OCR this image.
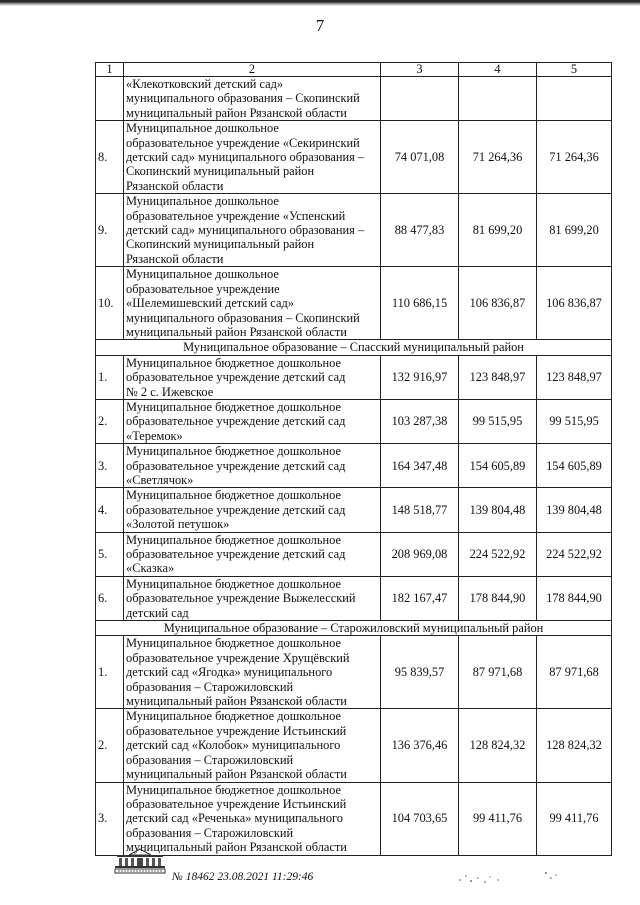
7
1	2	3	4	5

	«Клекотковский детский сад»
муниципального образования – Скопинский
муниципальный район Рязанской области			

8.	Муниципальное дошкольное
образовательное учреждение «Секиринский
детский сад» муниципального образования –
Скопинский муниципальный район
Рязанской области	74 071,08	71 264,36	71 264,36
9.	Муниципальное дошкольное
образовательное учреждение «Успенский
детский сад» муниципального образования –
Скопинский муниципальный район
Рязанской области	88 477,83	81 699,20	81 699,20
10.	Муниципальное дошкольное
образовательное учреждение
«Шелемишевский детский сад»
муниципального образования – Скопинский
муниципальный район Рязанской области	110 686,15	106 836,87	106 836,87
Муниципальное образование – Спасский муниципальный район				
1.	Муниципальное бюджетное дошкольное
образовательное учреждение детский сад
№ 2 с. Ижевское	132 916,97	123 848,97	123 848,97
2.	Муниципальное бюджетное дошкольное
образовательное учреждение детский сад
«Теремок»	103 287,38	99 515,95	99 515,95
3.	Муниципальное бюджетное дошкольное
образовательное учреждение детский сад
«Светлячок»	164 347,48	154 605,89	154 605,89
4.	Муниципальное бюджетное дошкольное
образовательное учреждение детский сад
«Золотой петушок»	148 518,77	139 804,48	139 804,48
5.	Муниципальное бюджетное дошкольное
образовательное учреждение детский сад
«Сказка»	208 969,08	224 522,92	224 522,92
6.	Муниципальное бюджетное дошкольное
образовательное учреждение Выжелесский
детский сад	182 167,47	178 844,90	178 844,90
Муниципальное образование – Старожиловский муниципальный район				
1.	Муниципальное бюджетное дошкольное
образовательное учреждение Хрущёвский
детский сад «Ягодка» муниципального
образования – Старожиловский
муниципальный район Рязанской области	95 839,57	87 971,68	87 971,68
2.	Муниципальное бюджетное дошкольное
образовательное учреждение Истьинский
детский сад «Колобок» муниципального
образования – Старожиловский
муниципальный район Рязанской области	136 376,46	128 824,32	128 824,32
3.	Муниципальное бюджетное дошкольное
образовательное учреждение Истьинский
детский сад «Реченька» муниципального
образования – Старожиловский
муниципальный район Рязанской области	104 703,65	99 411,76	99 411,76
№ 18462 23.08.2021 11:29:46
